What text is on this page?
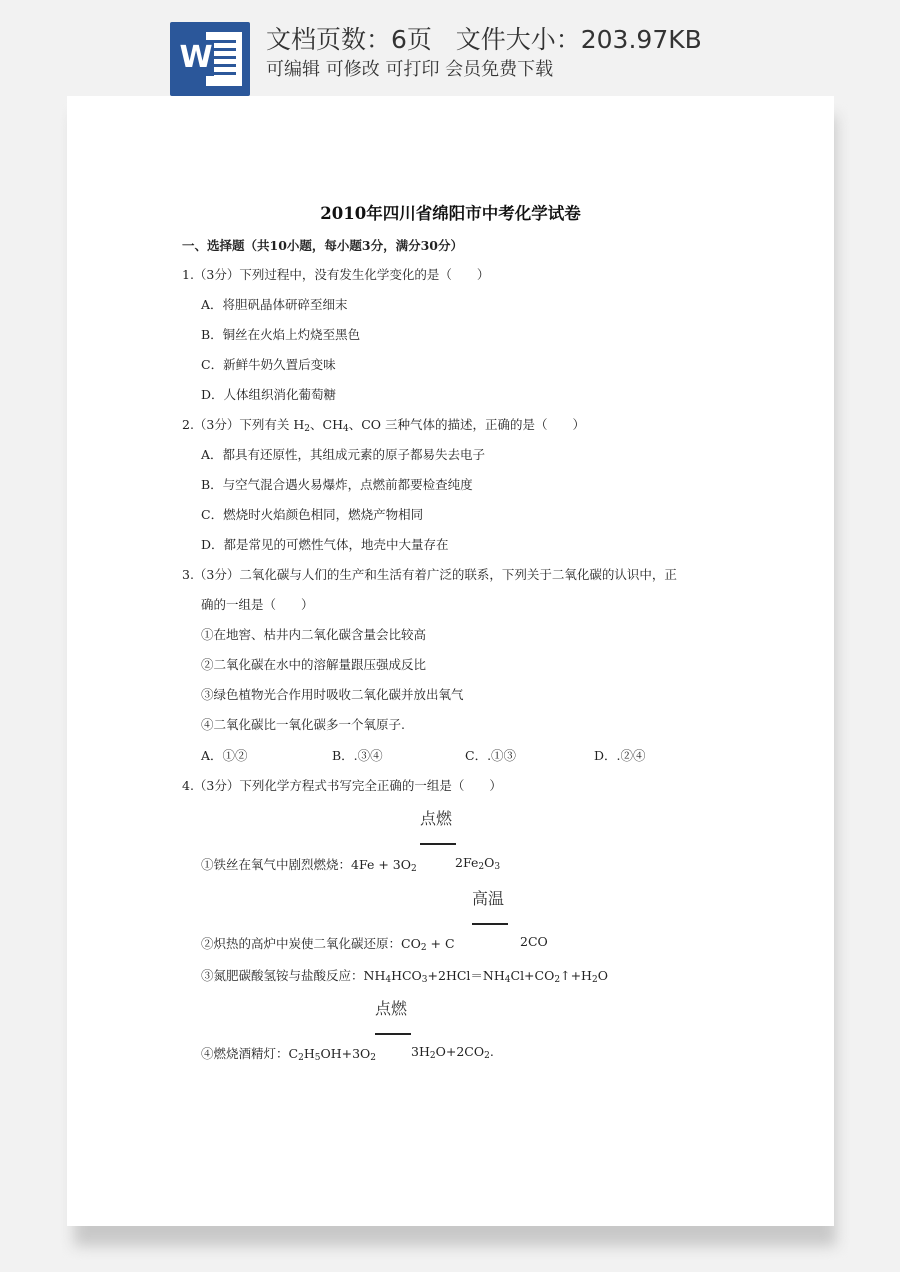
W
文档页数：6页   文件大小：203.97KB
可编辑 可修改 可打印 会员免费下载
2010年四川省绵阳市中考化学试卷
一、选择题（共10小题，每小题3分，满分30分）
1.（3分）下列过程中，没有发生化学变化的是（　　）
A．将胆矾晶体研碎至细末
B．铜丝在火焰上灼烧至黑色
C．新鲜牛奶久置后变味
D．人体组织消化葡萄糖
2.（3分）下列有关 $H_2$、$CH_4$、CO 三种气体的描述，正确的是（　　）
A．都具有还原性，其组成元素的原子都易失去电子
B．与空气混合遇火易爆炸，点燃前都要检查纯度
C．燃烧时火焰颜色相同，燃烧产物相同
D．都是常见的可燃性气体，地壳中大量存在
3.（3分）二氧化碳与人们的生产和生活有着广泛的联系，下列关于二氧化碳的认识中，正
确的一组是（　　）
①在地窖、枯井内二氧化碳含量会比较高
②二氧化碳在水中的溶解量跟压强成反比
③绿色植物光合作用时吸收二氧化碳并放出氧气
④二氧化碳比一氧化碳多一个氧原子.
A．①②	B．.③④	C．.①③	D．.②④
4.（3分）下列化学方程式书写完全正确的一组是（　　）
点燃
①铁丝在氧气中剧烈燃烧：$4Fe + 3O_2$	$2Fe_2O_3$
高温
②炽热的高炉中炭使二氧化碳还原：$CO_2 + C$	2CO
③氮肥碳酸氢铵与盐酸反应：$NH_4HCO_3+2HCl=NH_4Cl+CO_2↑+H_2O$
点燃
④燃烧酒精灯：$C_2H_5OH+3O_2$	$3H_2O+2CO_2$.
